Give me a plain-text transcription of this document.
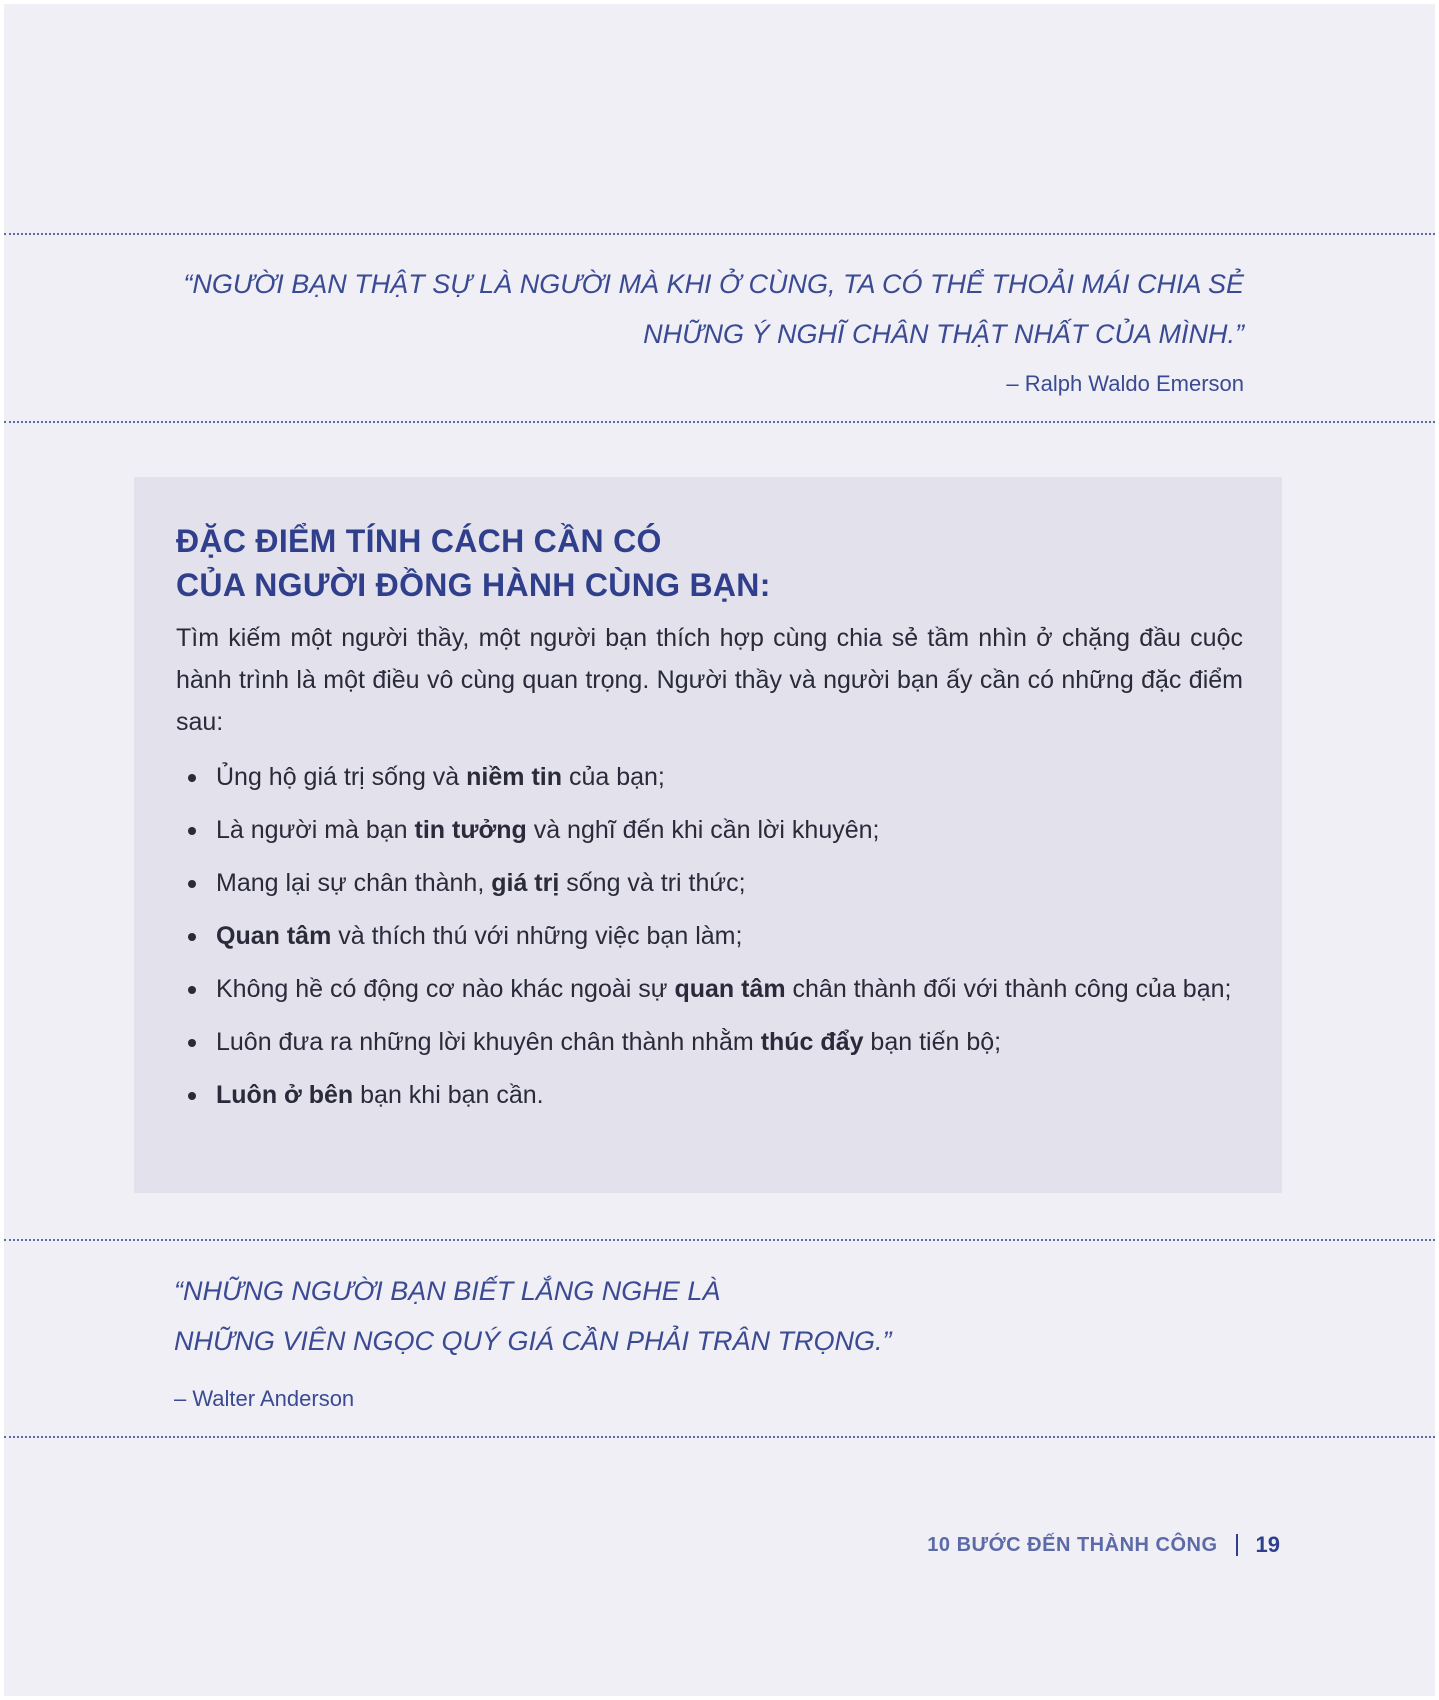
“NGƯỜI BẠN THẬT SỰ LÀ NGƯỜI MÀ KHI Ở CÙNG, TA CÓ THỂ THOẢI MÁI CHIA SẺ
NHỮNG Ý NGHĨ CHÂN THẬT NHẤT CỦA MÌNH.”
– Ralph Waldo Emerson
ĐẶC ĐIỂM TÍNH CÁCH CẦN CÓ
CỦA NGƯỜI ĐỒNG HÀNH CÙNG BẠN:
Tìm kiếm một người thầy, một người bạn thích hợp cùng chia sẻ tầm nhìn ở chặng đầu cuộc hành trình là một điều vô cùng quan trọng. Người thầy và người bạn ấy cần có những đặc điểm sau:
Ủng hộ giá trị sống và niềm tin của bạn;
Là người mà bạn tin tưởng và nghĩ đến khi cần lời khuyên;
Mang lại sự chân thành, giá trị sống và tri thức;
Quan tâm và thích thú với những việc bạn làm;
Không hề có động cơ nào khác ngoài sự quan tâm chân thành đối với thành công của bạn;
Luôn đưa ra những lời khuyên chân thành nhằm thúc đẩy bạn tiến bộ;
Luôn ở bên bạn khi bạn cần.
“NHỮNG NGƯỜI BẠN BIẾT LẮNG NGHE LÀ
NHỮNG VIÊN NGỌC QUÝ GIÁ CẦN PHẢI TRÂN TRỌNG.”
– Walter Anderson
10 BƯỚC ĐẾN THÀNH CÔNG 19
